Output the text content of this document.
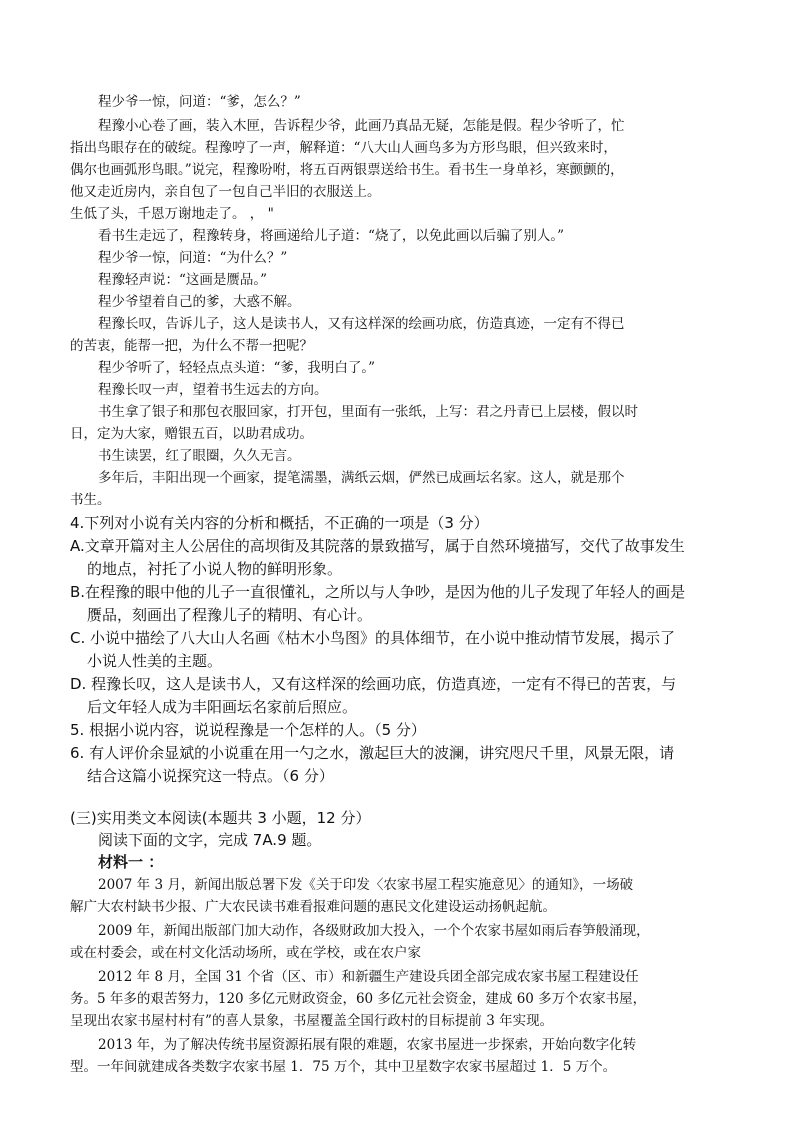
程少爷一惊，问道：“爹，怎么？”
程豫小心卷了画，装入木匣，告诉程少爷，此画乃真品无疑，怎能是假。程少爷听了，忙
指出鸟眼存在的破绽。程豫哼了一声，解释道：“八大山人画鸟多为方形鸟眼，但兴致来时，
偶尔也画弧形鸟眼。”说完，程豫吩咐，将五百两银票送给书生。看书生一身单衫，寒颤颤的，
他又走近房内，亲自包了一包自己半旧的衣服送上。
生低了头，千恩万谢地走了。 ， "
看书生走远了，程豫转身，将画递给儿子道：“烧了，以免此画以后骗了别人。”
程少爷一惊，问道：“为什么？”
程豫轻声说：“这画是赝品。”
程少爷望着自己的爹，大惑不解。
程豫长叹，告诉儿子，这人是读书人，又有这样深的绘画功底，仿造真迹，一定有不得已
的苦衷，能帮一把，为什么不帮一把呢？
程少爷听了，轻轻点点头道：“爹，我明白了。”
程豫长叹一声，望着书生远去的方向。
书生拿了银子和那包衣服回家，打开包，里面有一张纸，上写：君之丹青已上层楼，假以时
日，定为大家，赠银五百，以助君成功。
书生读罢，红了眼圈，久久无言。
多年后，丰阳出现一个画家，提笔濡墨，满纸云烟，俨然已成画坛名家。这人，就是那个
书生。
4.下列对小说有关内容的分析和概括，不正确的一项是（3 分）
A.文章开篇对主人公居住的高坝街及其院落的景致描写，属于自然环境描写，交代了故事发生
的地点，衬托了小说人物的鲜明形象。
B.在程豫的眼中他的儿子一直很懂礼，之所以与人争吵，是因为他的儿子发现了年轻人的画是
赝品，刻画出了程豫儿子的精明、有心计。
C. 小说中描绘了八大山人名画《枯木小鸟图》的具体细节，在小说中推动情节发展，揭示了
小说人性美的主题。
D. 程豫长叹，这人是读书人，又有这样深的绘画功底，仿造真迹，一定有不得已的苦衷，与
后文年轻人成为丰阳画坛名家前后照应。
5. 根据小说内容，说说程豫是一个怎样的人。（5 分）
6. 有人评价余显斌的小说重在用一勺之水，激起巨大的波澜，讲究咫尺千里，风景无限，请
结合这篇小说探究这一特点。（6 分）
(三)实用类文本阅读(本题共 3 小题，12 分）
阅读下面的文字，完成 7A.9 题。
材料一 ：
2007 年 3 月，新闻出版总署下发《关于印发〈农家书屋工程实施意见〉的通知》，一场破
解广大农村缺书少报、广大农民读书难看报难问题的惠民文化建设运动扬帆起航。
2009 年，新闻出版部门加大动作，各级财政加大投入，一个个农家书屋如雨后春笋般涌现，
或在村委会，或在村文化活动场所，或在学校，或在农户家
2012 年 8 月，全国 31 个省（区、市）和新疆生产建设兵团全部完成农家书屋工程建设任
务。5 年多的艰苦努力，120 多亿元财政资金，60 多亿元社会资金，建成 60 多万个农家书屋，
呈现出农家书屋村村有”的喜人景象，书屋覆盖全国行政村的目标提前 3 年实现。
2013 年，为了解决传统书屋资源拓展有限的难题，农家书屋进一步探索，开始向数字化转
型。一年间就建成各类数字农家书屋 1．75 万个，其中卫星数字农家书屋超过 1．5 万个。
